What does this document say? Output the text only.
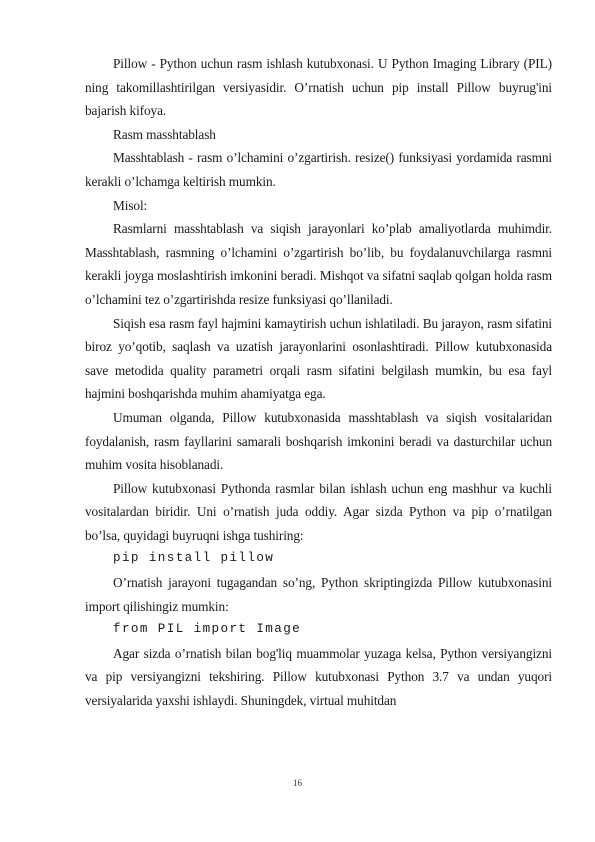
Pillow - Python uchun rasm ishlash kutubxonasi. U Python Imaging Library (PIL) ning takomillashtirilgan versiyasidir. O’rnatish uchun pip install Pillow buyrug'ini bajarish kifoya.

Rasm masshtablash

Masshtablash - rasm o’lchamini o’zgartirish. resize() funksiyasi yordamida rasmni kerakli o’lchamga keltirish mumkin.

Misol:

Rasmlarni masshtablash va siqish jarayonlari ko’plab amaliyotlarda muhimdir. Masshtablash, rasmning o’lchamini o’zgartirish bo’lib, bu foydalanuvchilarga rasmni kerakli joyga moslashtirish imkonini beradi. Mishqot va sifatni saqlab qolgan holda rasm o’lchamini tez o’zgartirishda resize funksiyasi qo’llaniladi.

Siqish esa rasm fayl hajmini kamaytirish uchun ishlatiladi. Bu jarayon, rasm sifatini biroz yo’qotib, saqlash va uzatish jarayonlarini osonlashtiradi. Pillow kutubxonasida save metodida quality parametri orqali rasm sifatini belgilash mumkin, bu esa fayl hajmini boshqarishda muhim ahamiyatga ega.

Umuman olganda, Pillow kutubxonasida masshtablash va siqish vositalaridan foydalanish, rasm fayllarini samarali boshqarish imkonini beradi va dasturchilar uchun muhim vosita hisoblanadi.

Pillow kutubxonasi Pythonda rasmlar bilan ishlash uchun eng mashhur va kuchli vositalardan biridir. Uni o’rnatish juda oddiy. Agar sizda Python va pip o’rnatilgan bo’lsa, quyidagi buyruqni ishga tushiring:

pip install pillow

O’rnatish jarayoni tugagandan so’ng, Python skriptingizda Pillow kutubxonasini import qilishingiz mumkin:

from PIL import Image

Agar sizda o’rnatish bilan bog'liq muammolar yuzaga kelsa, Python versiyangizni va pip versiyangizni tekshiring. Pillow kutubxonasi Python 3.7 va undan yuqori versiyalarida yaxshi ishlaydi. Shuningdek, virtual muhitdan

16
